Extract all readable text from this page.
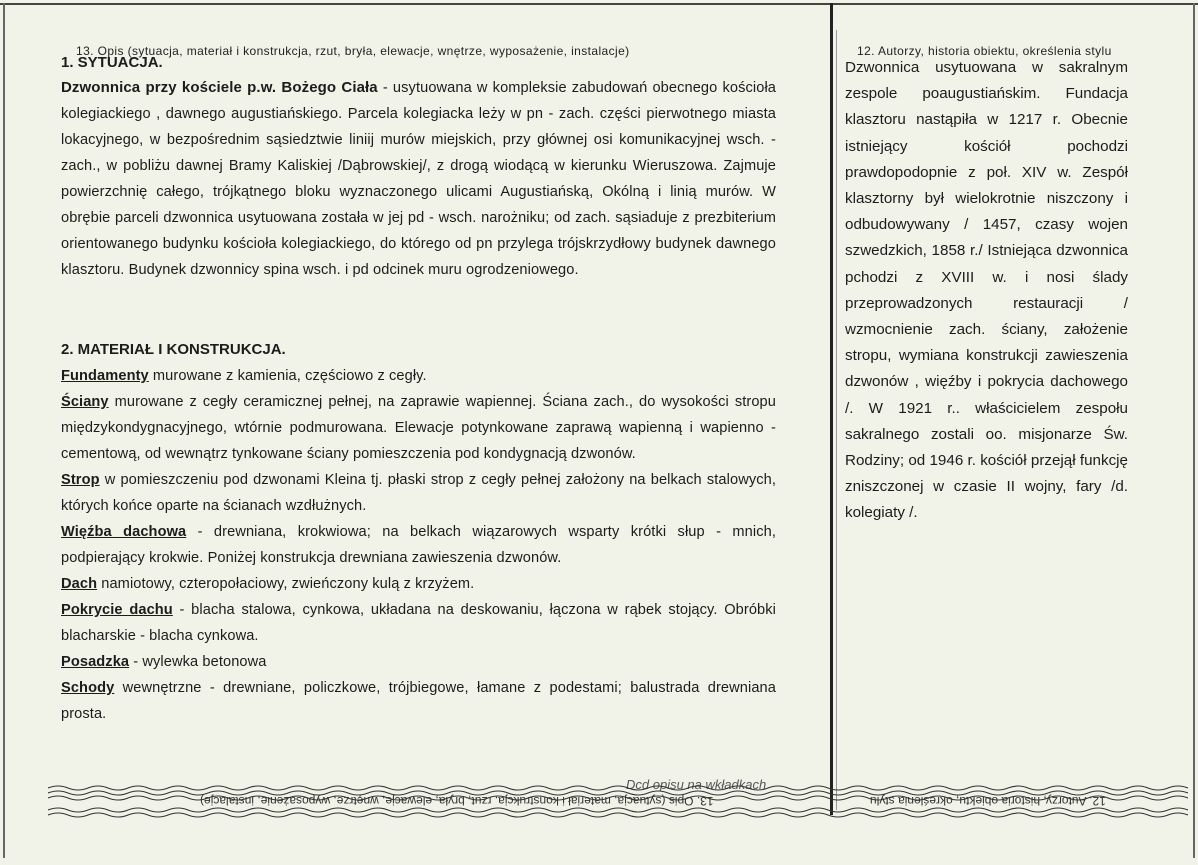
13. Opis (sytuacja, materiał i konstrukcja, rzut, bryła, elewacje, wnętrze, wyposażenie, instalacje)	12. Autorzy, historia obiektu, określenia stylu

1. SYTUACJA.

Dzwonnica przy kościele p.w. Bożego Ciała - usytuowana w kompleksie zabudowań obecnego kościoła kolegiackiego , dawnego augustiańskiego. Parcela kolegiacka leży w pn - zach. części pierwotnego miasta lokacyjnego, w bezpośrednim sąsiedztwie liniij murów miejskich, przy głównej osi komunikacyjnej wsch. - zach., w pobliżu dawnej Bramy Kaliskiej /Dąbrowskiej/, z drogą wiodącą w kierunku Wieruszowa. Zajmuje powierzchnię całego, trójkątnego bloku wyznaczonego ulicami Augustiańską, Okólną i linią murów. W obrębie parceli dzwonnica usytuowana została w jej pd - wsch. narożniku; od zach. sąsiaduje z prezbiterium orientowanego budynku kościoła kolegiackiego, do którego od pn przylega trójskrzydłowy budynek dawnego klasztoru. Budynek dzwonnicy spina wsch. i pd odcinek muru ogrodzeniowego.

2. MATERIAŁ I KONSTRUKCJA.

Fundamenty murowane z kamienia, częściowo z cegły.

Ściany murowane z cegły ceramicznej pełnej, na zaprawie wapiennej. Ściana zach., do wysokości stropu międzykondygnacyjnego, wtórnie podmurowana. Elewacje potynkowane zaprawą wapienną i wapienno - cementową, od wewnątrz tynkowane ściany pomieszczenia pod kondygnacją dzwonów.

Strop w pomieszczeniu pod dzwonami Kleina tj. płaski strop z cegły pełnej założony na belkach stalowych, których końce oparte na ścianach wzdłużnych.

Więźba dachowa - drewniana, krokwiowa; na belkach wiązarowych wsparty krótki słup - mnich, podpierający krokwie. Poniżej konstrukcja drewniana zawieszenia dzwonów.

Dach namiotowy, czteropołaciowy, zwieńczony kulą z krzyżem.

Pokrycie dachu - blacha stalowa, cynkowa, układana na deskowaniu, łączona w rąbek stojący. Obróbki blacharskie - blacha cynkowa.

Posadzka - wylewka betonowa

Schody wewnętrzne - drewniane, policzkowe, trójbiegowe, łamane z podestami; balustrada drewniana prosta.

Dzwonnica usytuowana w sakralnym zespole poaugustiańskim. Fundacja klasztoru nastąpiła w 1217 r. Obecnie istniejący kościół pochodzi prawdopodopnie z poł. XIV w. Zespół klasztorny był wielokrotnie niszczony i odbudowywany / 1457, czasy wojen szwedzkich, 1858 r./ Istniejąca dzwonnica pchodzi z XVIII w. i nosi ślady przeprowadzonych restauracji / wzmocnienie zach. ściany, założenie stropu, wymiana konstrukcji zawieszenia dzwonów , więźby i pokrycia dachowego /. W 1921 r.. właścicielem zespołu sakralnego zostali oo. misjonarze Św. Rodziny; od 1946 r. kościół przejął funkcję zniszczonej w czasie II wojny, fary /d. kolegiaty /.

Dcd opisu na wkładkach
13. Opis (sytuacja, materiał i konstrukcja, rzut, bryła, elewacje, wnętrze, wyposażenie, instalacje)	12. Autorzy, historia obiektu, określenia stylu
